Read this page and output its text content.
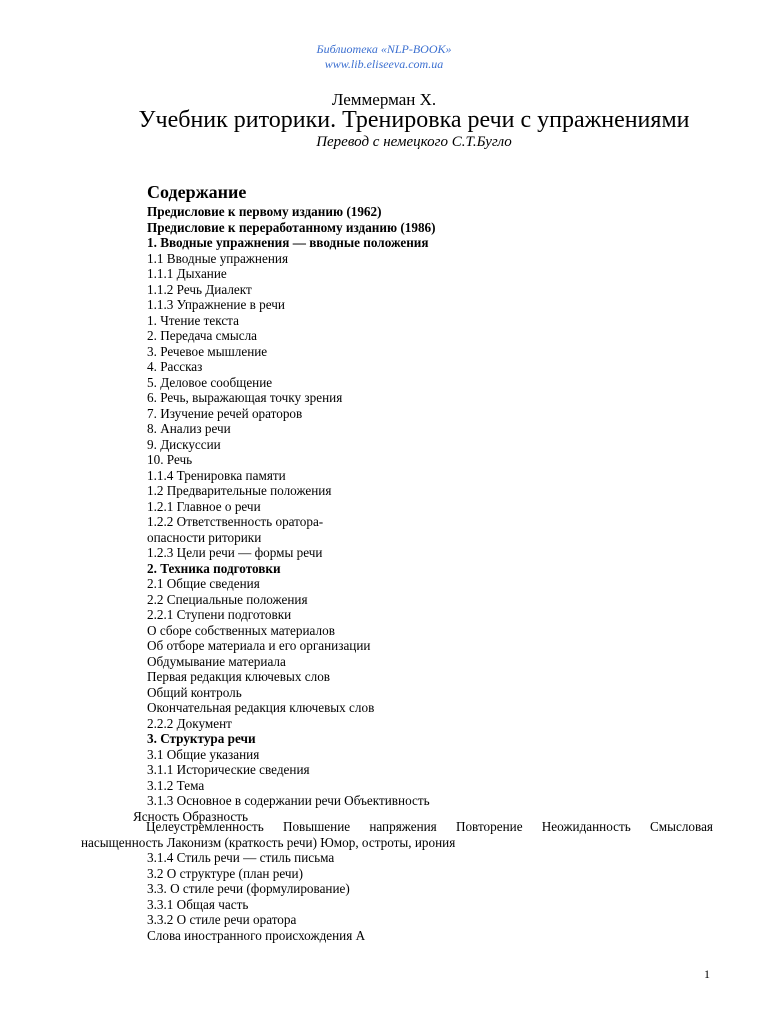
Библиотека «NLP-BOOK»
www.lib.eliseeva.com.ua
Леммерман Х.
Учебник риторики. Тренировка речи с упражнениями
Перевод с немецкого С.Т.Бугло
Содержание
Предисловие к первому изданию (1962)
Предисловие к переработанному изданию (1986)
1. Вводные упражнения — вводные положения
1.1 Вводные упражнения
1.1.1 Дыхание
1.1.2 Речь Диалект
1.1.3 Упражнение в речи
1. Чтение текста
2. Передача смысла
3. Речевое мышление
4. Рассказ
5. Деловое сообщение
6. Речь, выражающая точку зрения
7. Изучение речей ораторов
8. Анализ речи
9. Дискуссии
10. Речь
1.1.4 Тренировка памяти
1.2 Предварительные положения
1.2.1 Главное о речи
1.2.2 Ответственность оратора-
опасности риторики
1.2.3 Цели речи — формы речи
2. Техника подготовки
2.1 Общие сведения
2.2 Специальные положения
2.2.1 Ступени подготовки
О сборе собственных материалов
Об отборе материала и его организации
Обдумывание материала
Первая редакция ключевых слов
Общий контроль
Окончательная редакция ключевых слов
2.2.2 Документ
3. Структура речи
3.1 Общие указания
3.1.1 Исторические сведения
3.1.2 Тема
3.1.3 Основное в содержании речи Объективность
Ясность Образность
Целеустремленность Повышение напряжения Повторение Неожиданность Смысловая
насыщенность Лаконизм (краткость речи) Юмор, остроты, ирония
3.1.4 Стиль речи — стиль письма
3.2 О структуре (план речи)
3.3. О стиле речи (формулирование)
3.3.1 Общая часть
3.3.2 О стиле речи оратора
Слова иностранного происхождения А
1
